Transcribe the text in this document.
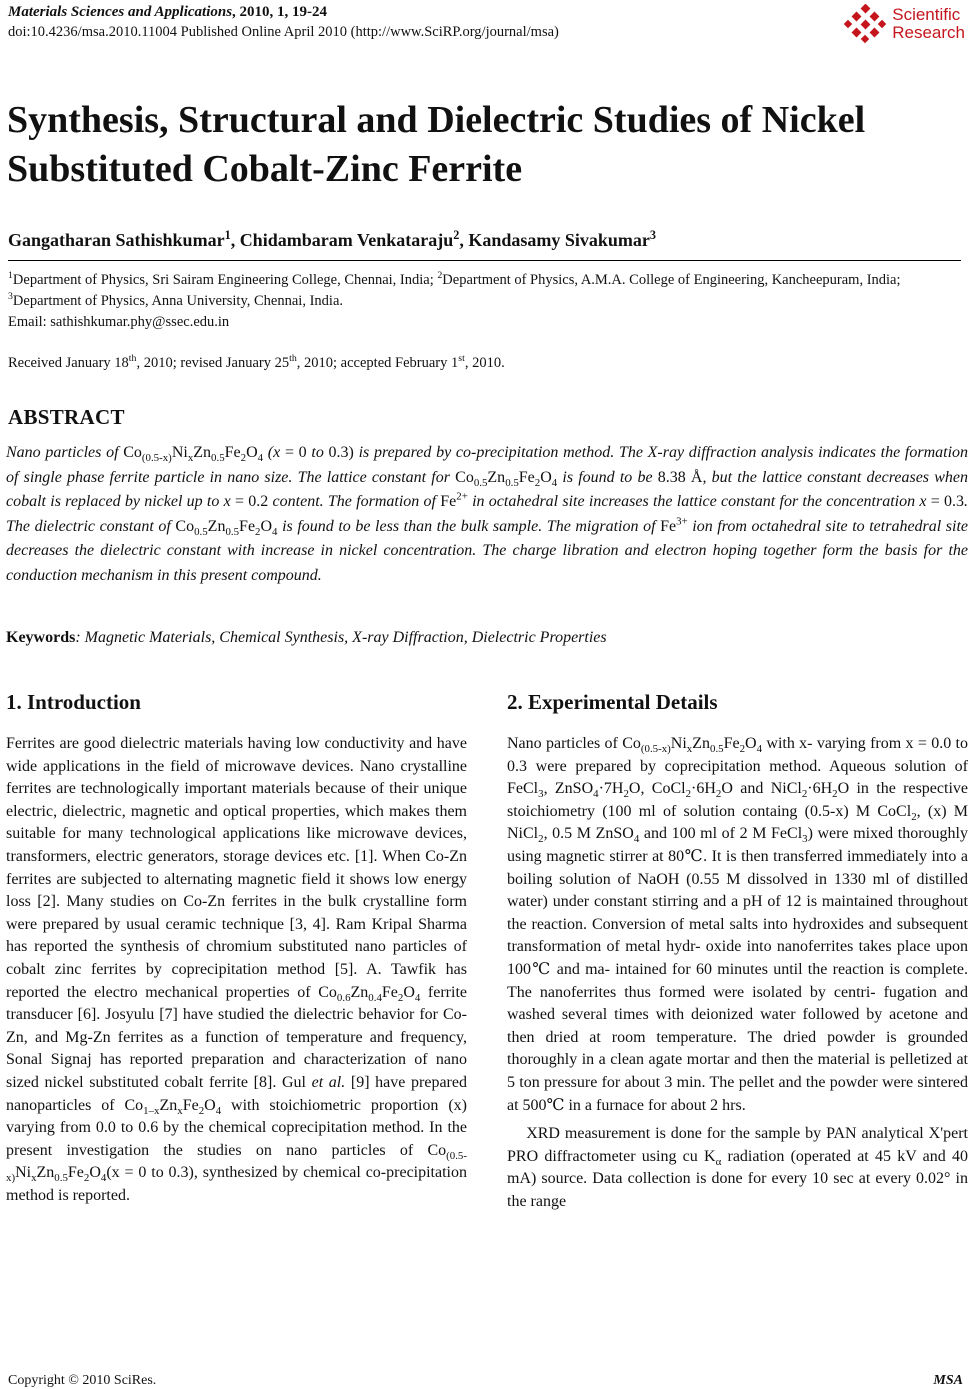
Materials Sciences and Applications, 2010, 1, 19-24
doi:10.4236/msa.2010.11004 Published Online April 2010 (http://www.SciRP.org/journal/msa)
Scientific
Research
Synthesis, Structural and Dielectric Studies of Nickel Substituted Cobalt-Zinc Ferrite
Gangatharan Sathishkumar$^1$, Chidambaram Venkataraju$^2$, Kandasamy Sivakumar$^3$
$^1$Department of Physics, Sri Sairam Engineering College, Chennai, India; $^2$Department of Physics, A.M.A. College of Engineering, Kancheepuram, India; $^3$Department of Physics, Anna University, Chennai, India.
Email: sathishkumar.phy@ssec.edu.in
Received January 18th, 2010; revised January 25th, 2010; accepted February 1st, 2010.
ABSTRACT
Nano particles of $Co_{(0.5-x)}Ni_xZn_{0.5}Fe_2O_4$ (x = 0 to 0.3) is prepared by co-precipitation method. The X-ray diffraction analysis indicates the formation of single phase ferrite particle in nano size. The lattice constant for $Co_{0.5}Zn_{0.5}Fe_2O_4$ is found to be 8.38 Å, but the lattice constant decreases when cobalt is replaced by nickel up to x = 0.2 content. The formation of $Fe^{2+}$ in octahedral site increases the lattice constant for the concentration x = 0.3. The dielectric constant of $Co_{0.5}Zn_{0.5}Fe_2O_4$ is found to be less than the bulk sample. The migration of $Fe^{3+}$ ion from octahedral site to tetrahedral site decreases the dielectric constant with increase in nickel concentration. The charge libration and electron hoping together form the basis for the conduction mechanism in this present compound.
Keywords: Magnetic Materials, Chemical Synthesis, X-ray Diffraction, Dielectric Properties
1. Introduction

Ferrites are good dielectric materials having low conductivity and have wide applications in the field of microwave devices. Nano crystalline ferrites are technologically important materials because of their unique electric, dielectric, magnetic and optical properties, which makes them suitable for many technological applications like microwave devices, transformers, electric generators, storage devices etc. [1]. When Co-Zn ferrites are subjected to alternating magnetic field it shows low energy loss [2]. Many studies on Co-Zn ferrites in the bulk crystalline form were prepared by usual ceramic technique [3, 4]. Ram Kripal Sharma has reported the synthesis of chromium substituted nano particles of cobalt zinc ferrites by coprecipitation method [5]. A. Tawfik has reported the electro mechanical properties of $Co_{0.6}Zn_{0.4}Fe_2O_4$ ferrite transducer [6]. Josyulu [7] have studied the dielectric behavior for Co-Zn, and Mg-Zn ferrites as a function of temperature and frequency, Sonal Signaj has reported preparation and characterization of nano sized nickel substituted cobalt ferrite [8]. Gul et al. [9] have prepared nanoparticles of $Co_{1-x}Zn_xFe_2O_4$ with stoichiometric proportion (x) varying from 0.0 to 0.6 by the chemical coprecipitation method. In the present investigation the studies on nano particles of $Co_{(0.5-x)}Ni_xZn_{0.5}Fe_2O_4(x = 0$ to 0.3), synthesized by chemical co-precipitation method is reported.

2. Experimental Details

Nano particles of $Co_{(0.5-x)}Ni_xZn_{0.5}Fe_2O_4$ with x- varying from x = 0.0 to 0.3 were prepared by coprecipitation method. Aqueous solution of FeCl$_3$, $ZnSO_4\cdot 7H_2O$, $CoCl_2\cdot 6H_2O$ and $NiCl_2\cdot 6H_2O$ in the respective stoichiometry (100 ml of solution containg (0.5-x) M CoCl$_2$, (x) M NiCl$_2$, 0.5 M ZnSO$_4$ and 100 ml of 2 M FeCl$_3$) were mixed thoroughly using magnetic stirrer at 80℃. It is then transferred immediately into a boiling solution of NaOH (0.55 M dissolved in 1330 ml of distilled water) under constant stirring and a pH of 12 is maintained throughout the reaction. Conversion of metal salts into hydroxides and subsequent transformation of metal hydr- oxide into nanoferrites takes place upon 100℃ and ma- intained for 60 minutes until the reaction is complete. The nanoferrites thus formed were isolated by centri- fugation and washed several times with deionized water followed by acetone and then dried at room temperature. The dried powder is grounded thoroughly in a clean agate mortar and then the material is pelletized at 5 ton pressure for about 3 min. The pellet and the powder were sintered at 500℃ in a furnace for about 2 hrs.

XRD measurement is done for the sample by PAN analytical X'pert PRO diffractometer using cu $K_\alpha$ radiation (operated at 45 kV and 40 mA) source. Data collection is done for every 10 sec at every 0.02° in the range

Copyright © 2010 SciRes.	MSA
